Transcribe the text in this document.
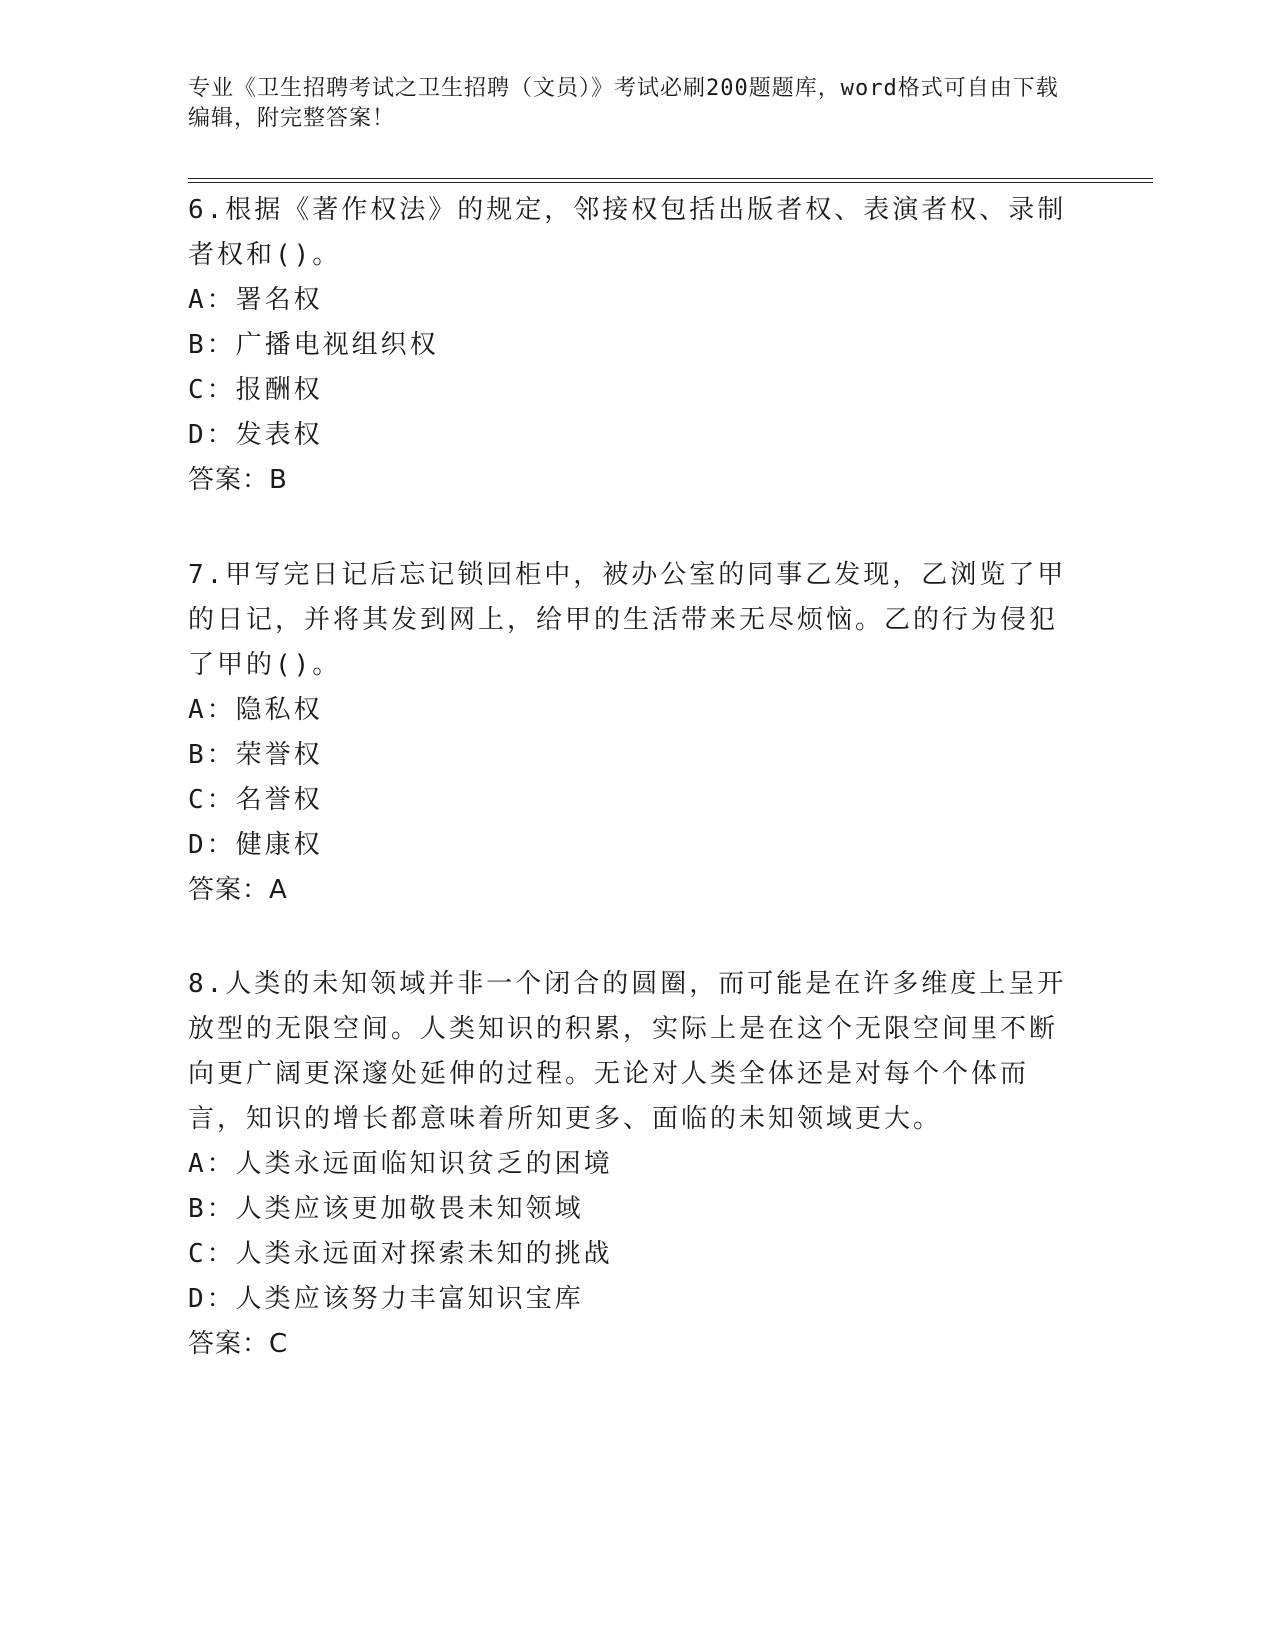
专业《卫生招聘考试之卫生招聘（文员）》考试必刷200题题库，word格式可自由下载编辑，附完整答案！

6.根据《著作权法》的规定，邻接权包括出版者权、表演者权、录制者权和()。

A：署名权

B：广播电视组织权

C：报酬权

D：发表权

答案：B

7.甲写完日记后忘记锁回柜中，被办公室的同事乙发现，乙浏览了甲的日记，并将其发到网上，给甲的生活带来无尽烦恼。乙的行为侵犯了甲的()。

A：隐私权

B：荣誉权

C：名誉权

D：健康权

答案：A

8.人类的未知领域并非一个闭合的圆圈，而可能是在许多维度上呈开放型的无限空间。人类知识的积累，实际上是在这个无限空间里不断向更广阔更深邃处延伸的过程。无论对人类全体还是对每个个体而言，知识的增长都意味着所知更多、面临的未知领域更大。

A：人类永远面临知识贫乏的困境

B：人类应该更加敬畏未知领域

C：人类永远面对探索未知的挑战

D：人类应该努力丰富知识宝库

答案：C
